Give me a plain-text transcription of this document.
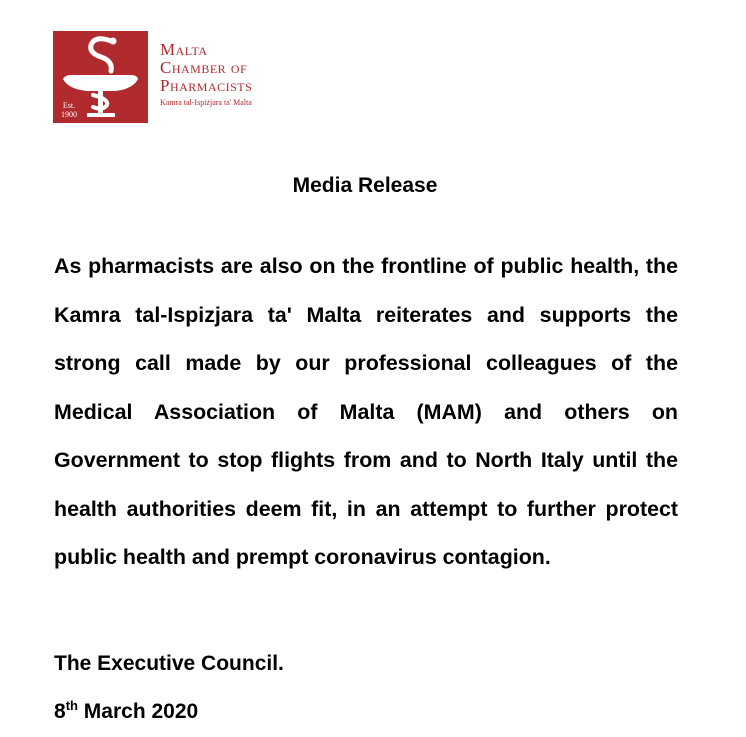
Est.
1900
Malta
Chamber of
Pharmacists
Kamra tal-Ispiżjara ta' Malta
Media Release

As pharmacists are also on the frontline of public health, the Kamra tal-Ispizjara ta' Malta reiterates and supports the strong call made by our professional colleagues of the Medical Association of Malta (MAM) and others on Government to stop flights from and to North Italy until the health authorities deem fit, in an attempt to further protect public health and prempt coronavirus contagion.

The Executive Council.
8th March 2020
